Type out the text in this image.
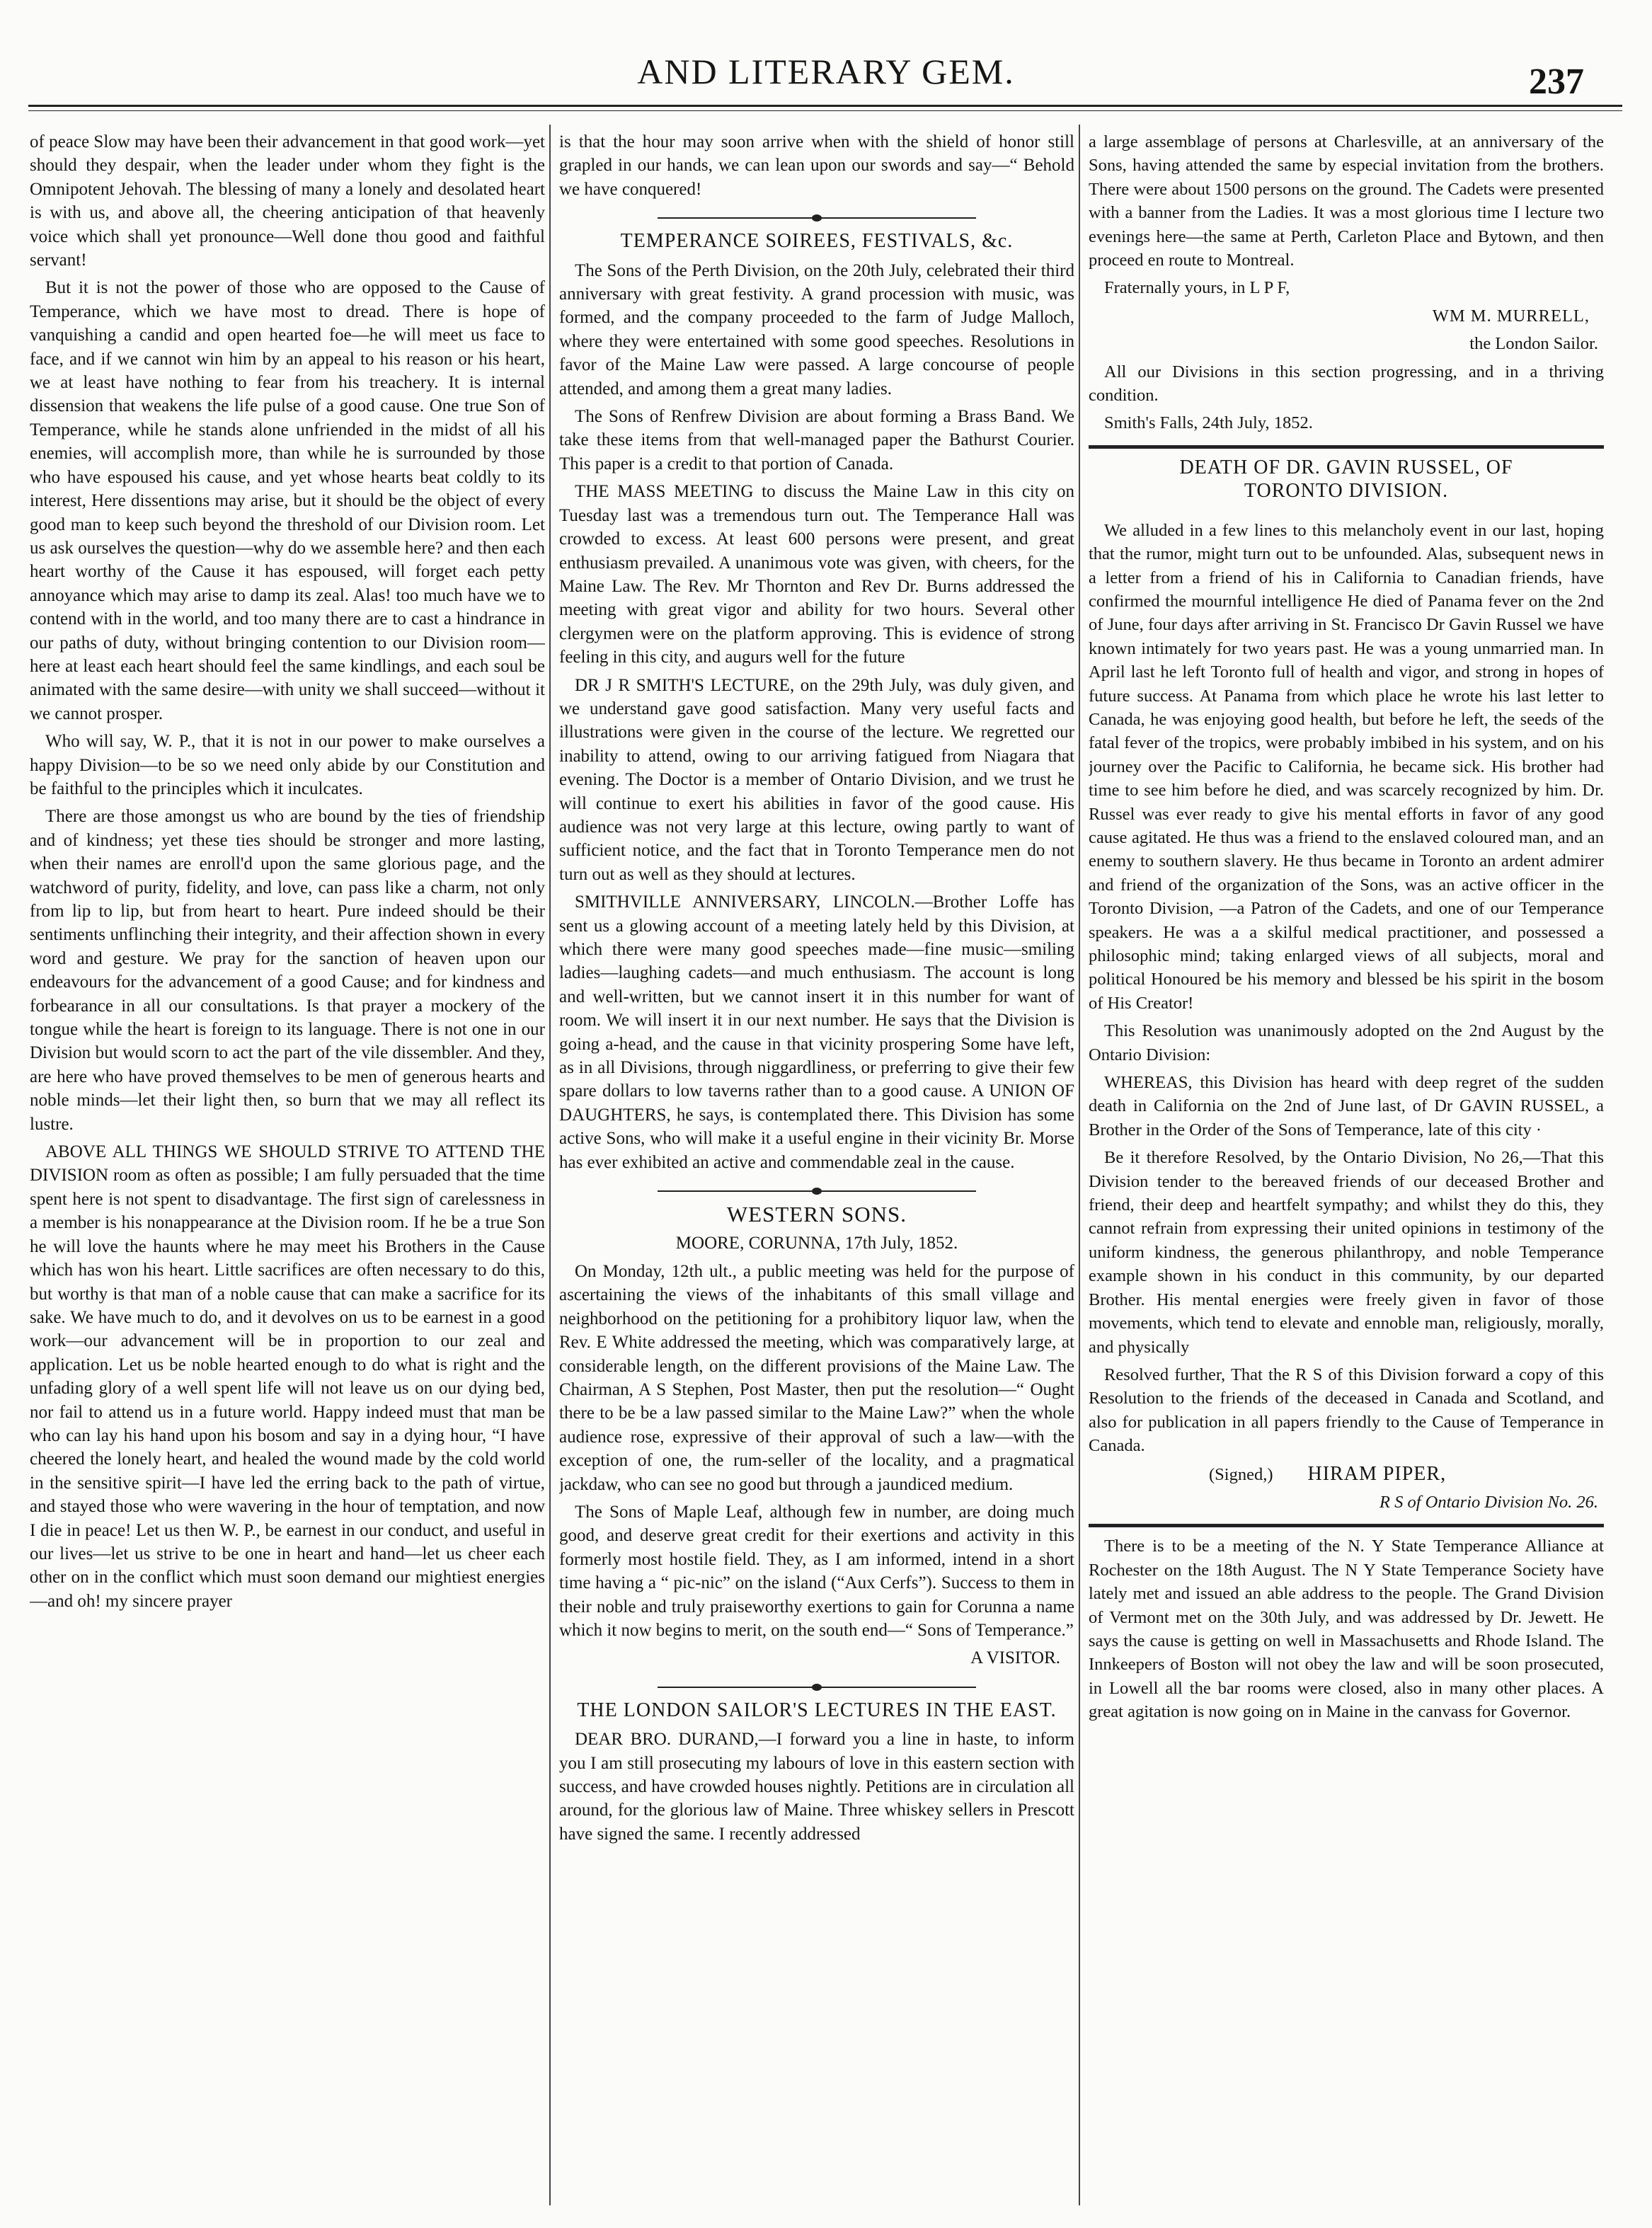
AND LITERARY GEM.	237

of peace Slow may have been their advancement in that good work—yet should they despair, when the leader under whom they fight is the Omnipotent Jehovah. The blessing of many a lonely and desolated heart is with us, and above all, the cheering anticipation of that heavenly voice which shall yet pronounce—Well done thou good and faithful servant!

But it is not the power of those who are opposed to the Cause of Temperance, which we have most to dread. There is hope of vanquishing a candid and open hearted foe—he will meet us face to face, and if we cannot win him by an appeal to his reason or his heart, we at least have nothing to fear from his treachery. It is internal dissension that weakens the life pulse of a good cause. One true Son of Temperance, while he stands alone unfriended in the midst of all his enemies, will accomplish more, than while he is surrounded by those who have espoused his cause, and yet whose hearts beat coldly to its interest, Here dissentions may arise, but it should be the object of every good man to keep such beyond the threshold of our Division room. Let us ask ourselves the question—why do we assemble here? and then each heart worthy of the Cause it has espoused, will forget each petty annoyance which may arise to damp its zeal. Alas! too much have we to contend with in the world, and too many there are to cast a hindrance in our paths of duty, without bringing contention to our Division room—here at least each heart should feel the same kindlings, and each soul be animated with the same desire—with unity we shall succeed—without it we cannot prosper.

Who will say, W. P., that it is not in our power to make ourselves a happy Division—to be so we need only abide by our Constitution and be faithful to the principles which it inculcates.

There are those amongst us who are bound by the ties of friendship and of kindness; yet these ties should be stronger and more lasting, when their names are enroll'd upon the same glorious page, and the watchword of purity, fidelity, and love, can pass like a charm, not only from lip to lip, but from heart to heart. Pure indeed should be their sentiments unflinching their integrity, and their affection shown in every word and gesture. We pray for the sanction of heaven upon our endeavours for the advancement of a good Cause; and for kindness and forbearance in all our consultations. Is that prayer a mockery of the tongue while the heart is foreign to its language. There is not one in our Division but would scorn to act the part of the vile dissembler. And they, are here who have proved themselves to be men of generous hearts and noble minds—let their light then, so burn that we may all reflect its lustre.

ABOVE ALL THINGS WE SHOULD STRIVE TO ATTEND THE DIVISION room as often as possible; I am fully persuaded that the time spent here is not spent to disadvantage. The first sign of carelessness in a member is his nonappearance at the Division room. If he be a true Son he will love the haunts where he may meet his Brothers in the Cause which has won his heart. Little sacrifices are often necessary to do this, but worthy is that man of a noble cause that can make a sacrifice for its sake. We have much to do, and it devolves on us to be earnest in a good work—our advancement will be in proportion to our zeal and application. Let us be noble hearted enough to do what is right and the unfading glory of a well spent life will not leave us on our dying bed, nor fail to attend us in a future world. Happy indeed must that man be who can lay his hand upon his bosom and say in a dying hour, “I have cheered the lonely heart, and healed the wound made by the cold world in the sensitive spirit—I have led the erring back to the path of virtue, and stayed those who were wavering in the hour of temptation, and now I die in peace! Let us then W. P., be earnest in our conduct, and useful in our lives—let us strive to be one in heart and hand—let us cheer each other on in the conflict which must soon demand our mightiest energies—and oh! my sincere prayer

is that the hour may soon arrive when with the shield of honor still grapled in our hands, we can lean upon our swords and say—“ Behold we have conquered!

TEMPERANCE SOIREES, FESTIVALS, &c.

The Sons of the Perth Division, on the 20th July, celebrated their third anniversary with great festivity. A grand procession with music, was formed, and the company proceeded to the farm of Judge Malloch, where they were entertained with some good speeches. Resolutions in favor of the Maine Law were passed. A large concourse of people attended, and among them a great many ladies.

The Sons of Renfrew Division are about forming a Brass Band. We take these items from that well-managed paper the Bathurst Courier. This paper is a credit to that portion of Canada.

THE MASS MEETING to discuss the Maine Law in this city on Tuesday last was a tremendous turn out. The Temperance Hall was crowded to excess. At least 600 persons were present, and great enthusiasm prevailed. A unanimous vote was given, with cheers, for the Maine Law. The Rev. Mr Thornton and Rev Dr. Burns addressed the meeting with great vigor and ability for two hours. Several other clergymen were on the platform approving. This is evidence of strong feeling in this city, and augurs well for the future

DR J R SMITH'S LECTURE, on the 29th July, was duly given, and we understand gave good satisfaction. Many very useful facts and illustrations were given in the course of the lecture. We regretted our inability to attend, owing to our arriving fatigued from Niagara that evening. The Doctor is a member of Ontario Division, and we trust he will continue to exert his abilities in favor of the good cause. His audience was not very large at this lecture, owing partly to want of sufficient notice, and the fact that in Toronto Temperance men do not turn out as well as they should at lectures.

SMITHVILLE ANNIVERSARY, LINCOLN.—Brother Loffe has sent us a glowing account of a meeting lately held by this Division, at which there were many good speeches made—fine music—smiling ladies—laughing cadets—and much enthusiasm. The account is long and well-written, but we cannot insert it in this number for want of room. We will insert it in our next number. He says that the Division is going a-head, and the cause in that vicinity prospering Some have left, as in all Divisions, through niggardliness, or preferring to give their few spare dollars to low taverns rather than to a good cause. A UNION OF DAUGHTERS, he says, is contemplated there. This Division has some active Sons, who will make it a useful engine in their vicinity Br. Morse has ever exhibited an active and commendable zeal in the cause.

WESTERN SONS.
MOORE, CORUNNA, 17th July, 1852.

On Monday, 12th ult., a public meeting was held for the purpose of ascertaining the views of the inhabitants of this small village and neighborhood on the petitioning for a prohibitory liquor law, when the Rev. E White addressed the meeting, which was comparatively large, at considerable length, on the different provisions of the Maine Law. The Chairman, A S Stephen, Post Master, then put the resolution—“ Ought there to be be a law passed similar to the Maine Law?” when the whole audience rose, expressive of their approval of such a law—with the exception of one, the rum-seller of the locality, and a pragmatical jackdaw, who can see no good but through a jaundiced medium.

The Sons of Maple Leaf, although few in number, are doing much good, and deserve great credit for their exertions and activity in this formerly most hostile field. They, as I am informed, intend in a short time having a “ pic-nic” on the island (“Aux Cerfs”). Success to them in their noble and truly praiseworthy exertions to gain for Corunna a name which it now begins to merit, on the south end—“ Sons of Temperance.”

A VISITOR.

THE LONDON SAILOR'S LECTURES IN THE EAST.

DEAR BRO. DURAND,—I forward you a line in haste, to inform you I am still prosecuting my labours of love in this eastern section with success, and have crowded houses nightly. Petitions are in circulation all around, for the glorious law of Maine. Three whiskey sellers in Prescott have signed the same. I recently addressed

a large assemblage of persons at Charlesville, at an anniversary of the Sons, having attended the same by especial invitation from the brothers. There were about 1500 persons on the ground. The Cadets were presented with a banner from the Ladies. It was a most glorious time I lecture two evenings here—the same at Perth, Carleton Place and Bytown, and then proceed en route to Montreal.

Fraternally yours, in L P F,

WM M. MURRELL,

the London Sailor.

All our Divisions in this section progressing, and in a thriving condition.

Smith's Falls, 24th July, 1852.

DEATH OF DR. GAVIN RUSSEL, OF
TORONTO DIVISION.

We alluded in a few lines to this melancholy event in our last, hoping that the rumor, might turn out to be unfounded. Alas, subsequent news in a letter from a friend of his in California to Canadian friends, have confirmed the mournful intelligence He died of Panama fever on the 2nd of June, four days after arriving in St. Francisco Dr Gavin Russel we have known intimately for two years past. He was a young unmarried man. In April last he left Toronto full of health and vigor, and strong in hopes of future success. At Panama from which place he wrote his last letter to Canada, he was enjoying good health, but before he left, the seeds of the fatal fever of the tropics, were probably imbibed in his system, and on his journey over the Pacific to California, he became sick. His brother had time to see him before he died, and was scarcely recognized by him. Dr. Russel was ever ready to give his mental efforts in favor of any good cause agitated. He thus was a friend to the enslaved coloured man, and an enemy to southern slavery. He thus became in Toronto an ardent admirer and friend of the organization of the Sons, was an active officer in the Toronto Division, —a Patron of the Cadets, and one of our Temperance speakers. He was a a skilful medical practitioner, and possessed a philosophic mind; taking enlarged views of all subjects, moral and political Honoured be his memory and blessed be his spirit in the bosom of His Creator!

This Resolution was unanimously adopted on the 2nd August by the Ontario Division:

WHEREAS, this Division has heard with deep regret of the sudden death in California on the 2nd of June last, of Dr GAVIN RUSSEL, a Brother in the Order of the Sons of Temperance, late of this city ·

Be it therefore Resolved, by the Ontario Division, No 26,—That this Division tender to the bereaved friends of our deceased Brother and friend, their deep and heartfelt sympathy; and whilst they do this, they cannot refrain from expressing their united opinions in testimony of the uniform kindness, the generous philanthropy, and noble Temperance example shown in his conduct in this community, by our departed Brother. His mental energies were freely given in favor of those movements, which tend to elevate and ennoble man, religiously, morally, and physically

Resolved further, That the R S of this Division forward a copy of this Resolution to the friends of the deceased in Canada and Scotland, and also for publication in all papers friendly to the Cause of Temperance in Canada.

(Signed,) HIRAM PIPER,

R S of Ontario Division No. 26.

There is to be a meeting of the N. Y State Temperance Alliance at Rochester on the 18th August. The N Y State Temperance Society have lately met and issued an able address to the people. The Grand Division of Vermont met on the 30th July, and was addressed by Dr. Jewett. He says the cause is getting on well in Massachusetts and Rhode Island. The Innkeepers of Boston will not obey the law and will be soon prosecuted, in Lowell all the bar rooms were closed, also in many other places. A great agitation is now going on in Maine in the canvass for Governor.
